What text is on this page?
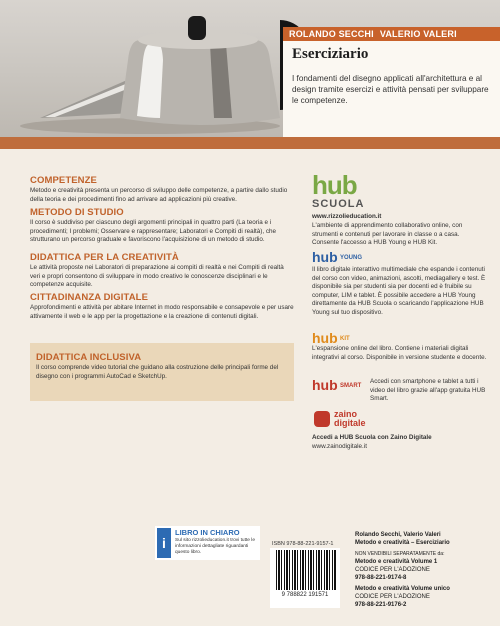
ROLANDO SECCHI VALERIO VALERI
Eserciziario
I fondamenti del disegno applicati all'architettura e al design tramite esercizi e attività pensati per sviluppare le competenze.
COMPETENZE
Metodo e creatività presenta un percorso di sviluppo delle competenze, a partire dallo studio della teoria e dei procedimenti fino ad arrivare ad applicazioni più creative.
METODO DI STUDIO
Il corso è suddiviso per ciascuno degli argomenti principali in quattro parti (La teoria e i procedimenti; I problemi; Osservare e rappresentare; Laboratori e Compiti di realtà), che strutturano un percorso graduale e favoriscono l'acquisizione di un metodo di studio.
DIDATTICA PER LA CREATIVITÀ
Le attività proposte nei Laboratori di preparazione ai compiti di realtà e nei Compiti di realtà veri e propri consentono di sviluppare in modo creativo le conoscenze disciplinari e le competenze acquisite.
CITTADINANZA DIGITALE
Approfondimenti e attività per abitare Internet in modo responsabile e consapevole e per usare attivamente il web e le app per la progettazione e la creazione di contenuti digitali.
DIDATTICA INCLUSIVA
Il corso comprende video tutorial che guidano alla costruzione delle principali forme del disegno con i programmi AutoCad e SketchUp.
hub
SCUOLA
www.rizzolieducation.it
L'ambiente di apprendimento collaborativo online, con strumenti e contenuti per lavorare in classe o a casa. Consente l'accesso a HUB Young e HUB Kit.
hub YOUNG
Il libro digitale interattivo multimediale che espande i contenuti del corso con video, animazioni, ascolti, mediagallery e test. È disponibile sia per studenti sia per docenti ed è fruibile su computer, LIM e tablet. È possibile accedere a HUB Young direttamente da HUB Scuola o scaricando l'applicazione HUB Young sul tuo dispositivo.
hub KIT
L'espansione online del libro. Contiene i materiali digitali integrativi al corso. Disponibile in versione studente e docente.
hub SMART
Accedi con smartphone e tablet a tutti i video del libro grazie all'app gratuita HUB Smart.
zaino
digitale
Accedi a HUB Scuola con Zaino Digitale
www.zainodigitale.it
i
LIBRO IN CHIARO
Sul sito rizzolieducation.it trovi tutte le informazioni dettagliate riguardanti questo libro.
ISBN 978-88-221-9157-1
9 788822 191571
Rolando Secchi, Valerio Valeri
Metodo e creatività – Eserciziario
NON VENDIBILI SEPARATAMENTE da:
Metodo e creatività Volume 1
CODICE PER L'ADOZIONE
978-88-221-9174-8
Metodo e creatività Volume unico
CODICE PER L'ADOZIONE
978-88-221-9176-2
